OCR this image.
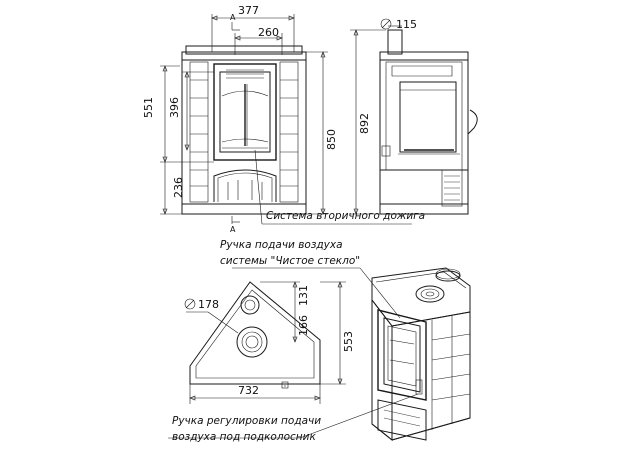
377
260
А
551 396
236
850
А
Система вторичного дожига
115
892
178	131
166
553
732
Ручка подачи воздуха
системы "Чистое стекло"
Ручка регулировки подачи
воздуха под подколосник
